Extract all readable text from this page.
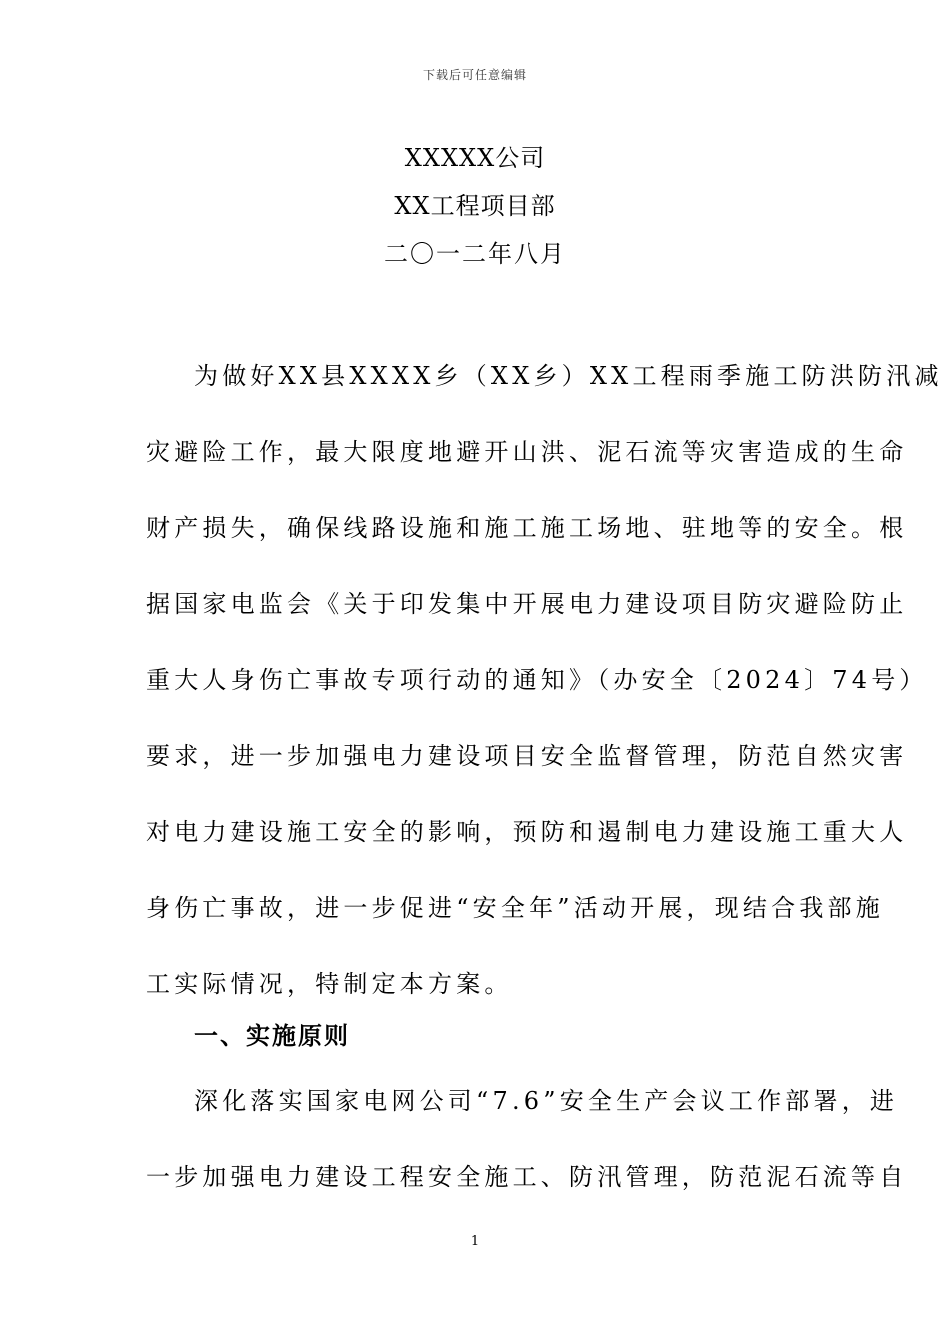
下载后可任意编辑
XXXXX公司
XX工程项目部
二〇一二年八月
为做好XX县XXXX乡（XX乡）XX工程雨季施工防洪防汛减
灾避险工作，最大限度地避开山洪、泥石流等灾害造成的生命
财产损失，确保线路设施和施工施工场地、驻地等的安全。根
据国家电监会《关于印发集中开展电力建设项目防灾避险防止
重大人身伤亡事故专项行动的通知》（办安全〔2024〕74号）
要求，进一步加强电力建设项目安全监督管理，防范自然灾害
对电力建设施工安全的影响，预防和遏制电力建设施工重大人
身伤亡事故，进一步促进“安全年”活动开展，现结合我部施
工实际情况，特制定本方案。
一、实施原则
深化落实国家电网公司“7.6”安全生产会议工作部署，进
一步加强电力建设工程安全施工、防汛管理，防范泥石流等自
1
